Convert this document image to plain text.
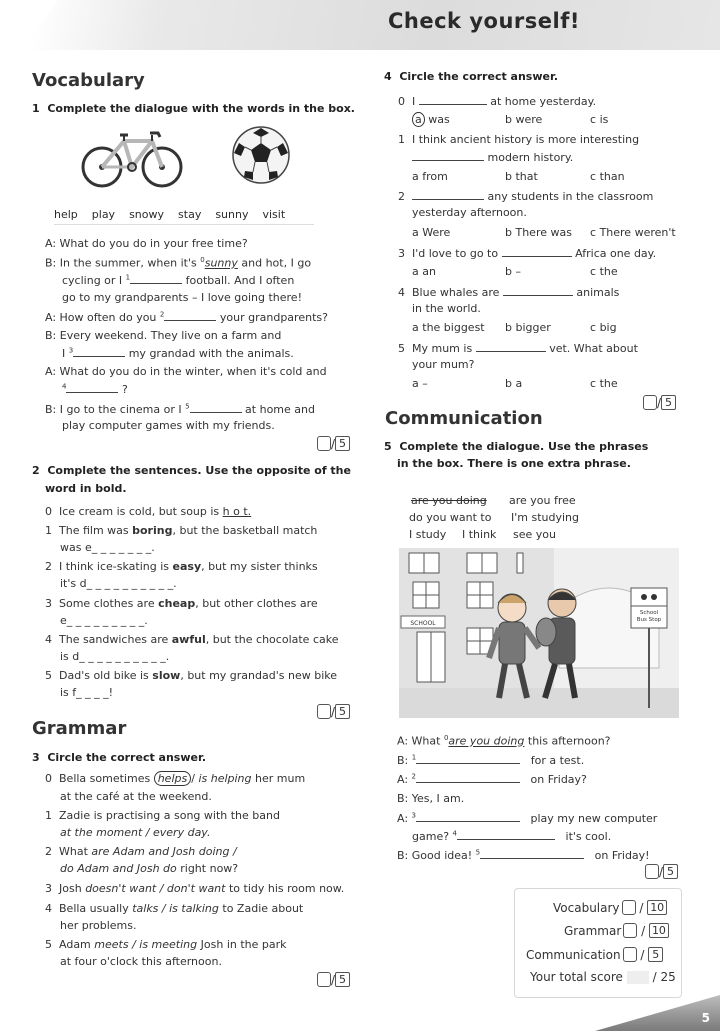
Check yourself!
Vocabulary
1 Complete the dialogue with the words in the box.
help play snowy stay sunny visit
A: What do you do in your free time?
B: In the summer, when it's $^0$sunny and hot, I go
cycling or I $^1$	football. And I often
go to my grandparents – I love going there!
A: How often do you $^2$	your grandparents?
B: Every weekend. They live on a farm and
I $^3$	my grandad with the animals.
A: What do you do in the winter, when it's cold and
$^4$	?
B: I go to the cinema or I $^5$	at home and
play computer games with my friends.
/ 5
2 Complete the sentences. Use the opposite of the
word in bold.
0 Ice cream is cold, but soup is h o t.
1 The film was boring, but the basketball match
was e_ _ _ _ _ _ _.
2 I think ice-skating is easy, but my sister thinks
it's d_ _ _ _ _ _ _ _ _ _.
3 Some clothes are cheap, but other clothes are
e_ _ _ _ _ _ _ _ _.
4 The sandwiches are awful, but the chocolate cake
is d_ _ _ _ _ _ _ _ _ _.
5 Dad's old bike is slow, but my grandad's new bike
is f_ _ _ _!
/ 5
Grammar
3 Circle the correct answer.
0 Bella sometimes helps / is helping her mum
at the café at the weekend.
1 Zadie is practising a song with the band
at the moment / every day.
2 What are Adam and Josh doing /
do Adam and Josh do right now?
3 Josh doesn't want / don't want to tidy his room now.
4 Bella usually talks / is talking to Zadie about
her problems.
5 Adam meets / is meeting Josh in the park
at four o'clock this afternoon.
/ 5
4 Circle the correct answer.
0 I	at home yesterday.
a was	b were	c is
1 I think ancient history is more interesting
modern history.
a from	b that	c than
2	any students in the classroom
yesterday afternoon.
a Were	b There was c There weren't
3 I'd love to go to	Africa one day.
a an	b –	c the
4 Blue whales are	animals
in the world.
a the biggest b bigger	c big
5 My mum is	vet. What about
your mum?
a –	b a	c the
/ 5
Communication
5 Complete the dialogue. Use the phrases
in the box. There is one extra phrase.
are you doing are you free
do you want to I'm studying
I study I think see you
SCHOOL
School
Bus Stop
A: What $^0$are you doing this afternoon?
B: $^1$	for a test.
A: $^2$	on Friday?
B: Yes, I am.
A: $^3$	play my new computer
game? $^4$	it's cool.
B: Good idea! $^5$	on Friday!
/ 5
Vocabulary / 10
Grammar / 10
Communication / 5
Your total score

/ 25
5
